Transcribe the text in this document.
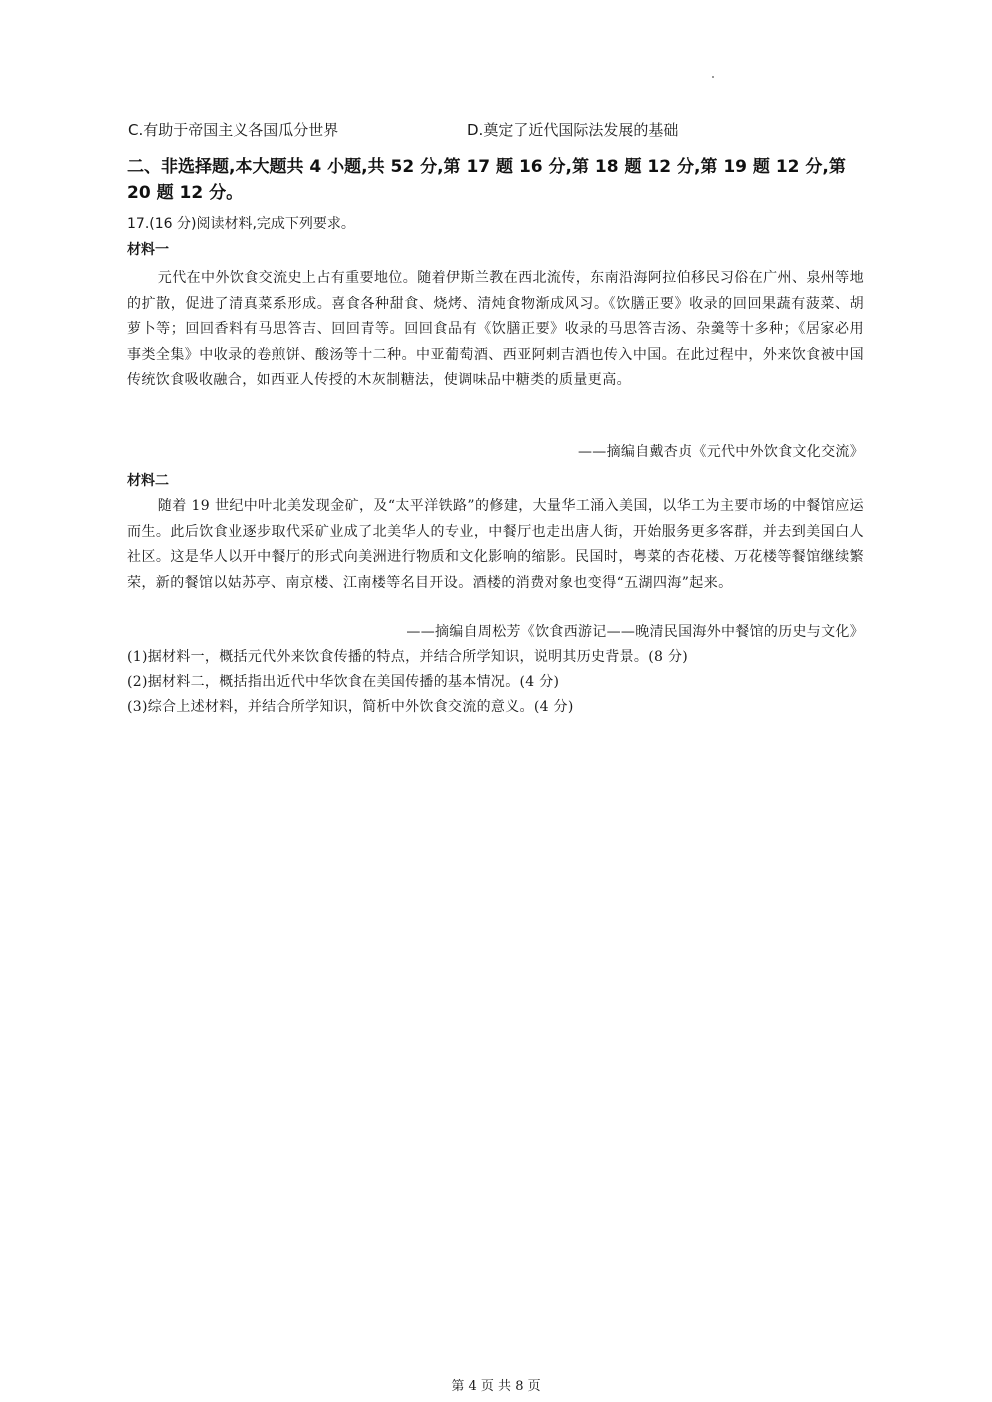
C.有助于帝国主义各国瓜分世界	D.奠定了近代国际法发展的基础
二、非选择题,本大题共 4 小题,共 52 分,第 17 题 16 分,第 18 题 12 分,第 19 题 12 分,第 20 题 12 分。
17.(16 分)阅读材料,完成下列要求。
材料一
元代在中外饮食交流史上占有重要地位。随着伊斯兰教在西北流传，东南沿海阿拉伯移民习俗在广州、泉州等地的扩散，促进了清真菜系形成。喜食各种甜食、烧烤、清炖食物渐成风习。《饮膳正要》收录的回回果蔬有菠菜、胡萝卜等；回回香料有马思答吉、回回青等。回回食品有《饮膳正要》收录的马思答吉汤、杂羹等十多种；《居家必用事类全集》中收录的卷煎饼、酸汤等十二种。中亚葡萄酒、西亚阿剌吉酒也传入中国。在此过程中，外来饮食被中国传统饮食吸收融合，如西亚人传授的木灰制糖法，使调味品中糖类的质量更高。
——摘编自戴杏贞《元代中外饮食文化交流》
材料二
随着 19 世纪中叶北美发现金矿，及“太平洋铁路”的修建，大量华工涌入美国，以华工为主要市场的中餐馆应运而生。此后饮食业逐步取代采矿业成了北美华人的专业，中餐厅也走出唐人街，开始服务更多客群，并去到美国白人社区。这是华人以开中餐厅的形式向美洲进行物质和文化影响的缩影。民国时，粤菜的杏花楼、万花楼等餐馆继续繁荣，新的餐馆以姑苏亭、南京楼、江南楼等名目开设。酒楼的消费对象也变得“五湖四海”起来。
——摘编自周松芳《饮食西游记——晚清民国海外中餐馆的历史与文化》
(1)据材料一，概括元代外来饮食传播的特点，并结合所学知识，说明其历史背景。(8 分)
(2)据材料二，概括指出近代中华饮食在美国传播的基本情况。(4 分)
(3)综合上述材料，并结合所学知识，简析中外饮食交流的意义。(4 分)
第 4 页 共 8 页
